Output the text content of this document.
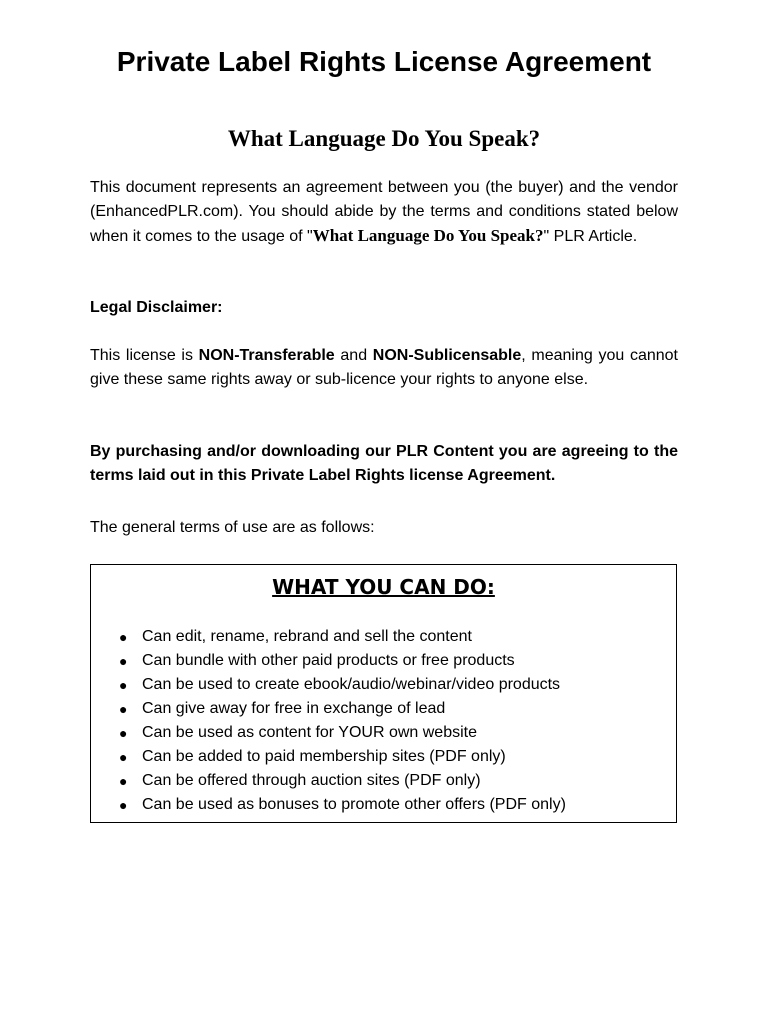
Private Label Rights License Agreement
What Language Do You Speak?

This document represents an agreement between you (the buyer) and the vendor (EnhancedPLR.com). You should abide by the terms and conditions stated below when it comes to the usage of "What Language Do You Speak?" PLR Article.

Legal Disclaimer:

This license is NON-Transferable and NON-Sublicensable, meaning you cannot give these same rights away or sub-licence your rights to anyone else.

By purchasing and/or downloading our PLR Content you are agreeing to the terms laid out in this Private Label Rights license Agreement.

The general terms of use are as follows:

WHAT YOU CAN DO:
● Can edit, rename, rebrand and sell the content
● Can bundle with other paid products or free products
● Can be used to create ebook/audio/webinar/video products
● Can give away for free in exchange of lead
● Can be used as content for YOUR own website
● Can be added to paid membership sites (PDF only)
● Can be offered through auction sites (PDF only)
● Can be used as bonuses to promote other offers (PDF only)
